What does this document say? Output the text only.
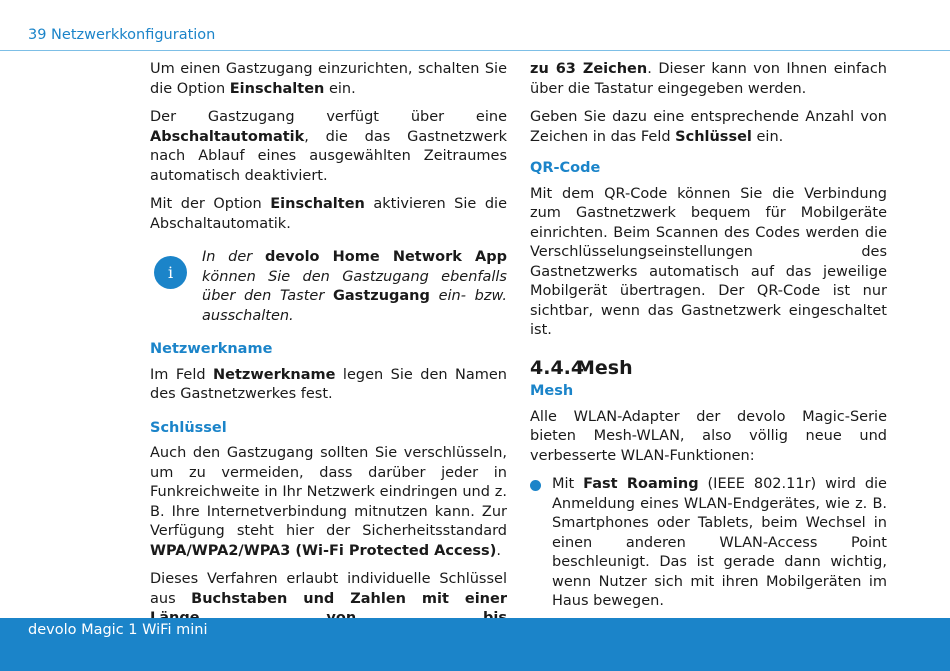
39 Netzwerkkonfiguration

Um einen Gastzugang einzurichten, schalten Sie die Option Einschalten ein.

Der Gastzugang verfügt über eine Abschaltautomatik, die das Gastnetzwerk nach Ablauf eines ausgewählten Zeitraumes automatisch deaktiviert.

Mit der Option Einschalten aktivieren Sie die Abschaltautomatik.

i
In der devolo Home Network App können Sie den Gastzugang ebenfalls über den Taster Gastzugang ein- bzw. ausschalten.
Netzwerkname

Im Feld Netzwerkname legen Sie den Namen des Gastnetzwerkes fest.

Schlüssel

Auch den Gastzugang sollten Sie verschlüsseln, um zu vermeiden, dass darüber jeder in Funkreichweite in Ihr Netzwerk eindringen und z. B. Ihre Internetverbindung mitnutzen kann. Zur Verfügung steht hier der Sicherheitsstandard WPA/WPA2/WPA3 (Wi-Fi Protected Access).

Dieses Verfahren erlaubt individuelle Schlüssel aus Buchstaben und Zahlen mit einer

zu 63 Zeichen. Dieser kann von Ihnen einfach über die Tastatur eingegeben werden.

Geben Sie dazu eine entsprechende Anzahl von Zeichen in das Feld Schlüssel ein.

QR-Code

Mit dem QR-Code können Sie die Verbindung zum Gastnetzwerk bequem für Mobilgeräte einrichten. Beim Scannen des Codes werden die Verschlüsselungseinstellungen des Gastnetzwerks automatisch auf das jeweilige Mobilgerät übertragen. Der QR-Code ist nur sichtbar, wenn das Gastnetzwerk eingeschaltet ist.

4.4.4Mesh
Mesh

Alle WLAN-Adapter der devolo Magic-Serie bieten Mesh-WLAN, also völlig neue und verbesserte WLAN-Funktionen:

Mit Fast Roaming (IEEE 802.11r) wird die Anmeldung eines WLAN-Endgerätes, wie z. B. Smartphones oder Tablets, beim Wechsel in einen anderen WLAN-Access Point beschleunigt. Das ist gerade dann wichtig, wenn Nutzer sich mit ihren Mobilgeräten im Haus bewegen.
devolo Magic 1 WiFi mini
